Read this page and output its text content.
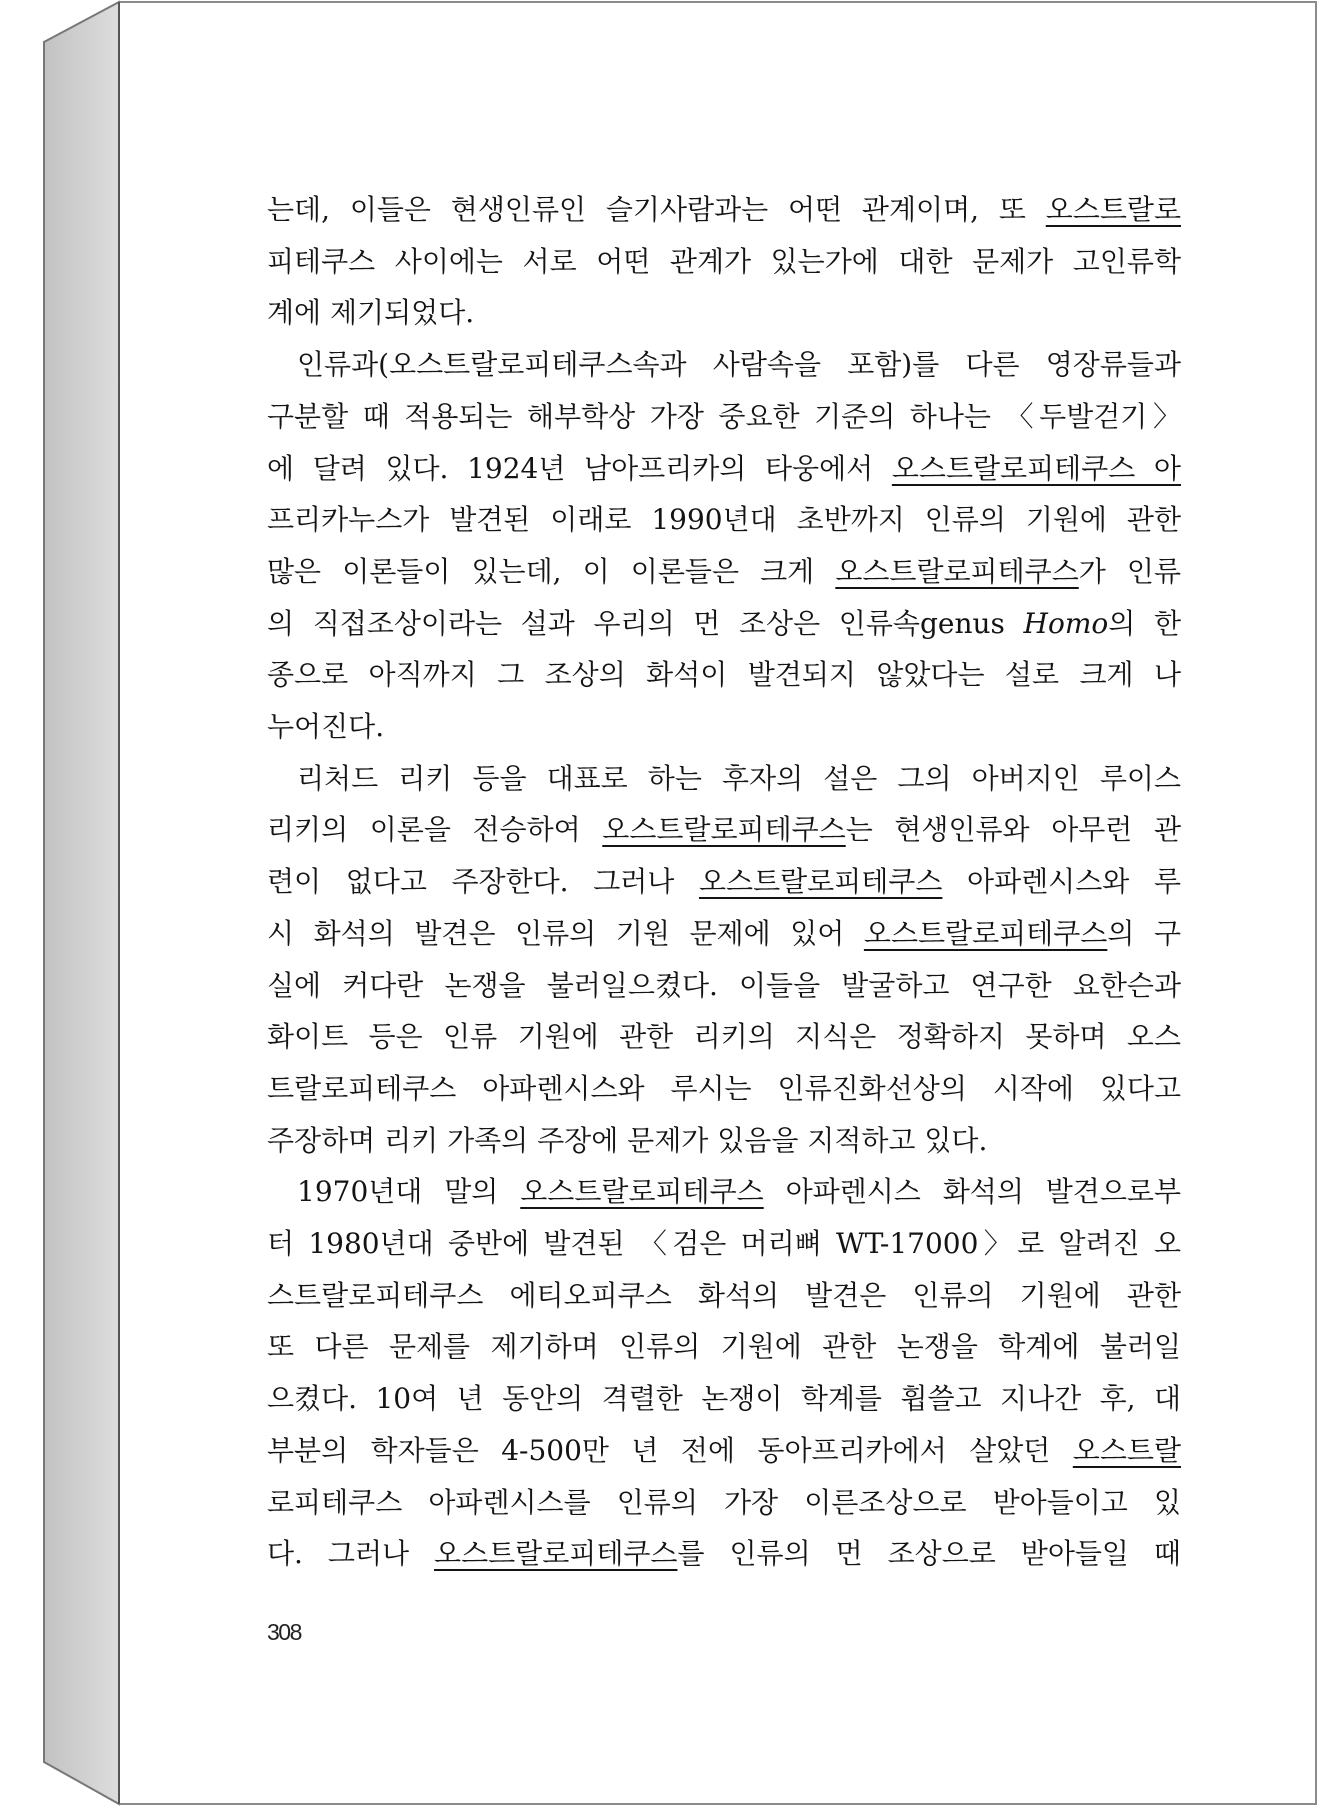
는데, 이들은 현생인류인 슬기사람과는 어떤 관계이며, 또 오스트랄로
피테쿠스 사이에는 서로 어떤 관계가 있는가에 대한 문제가 고인류학
계에 제기되었다.
인류과(오스트랄로피테쿠스속과 사람속을 포함)를 다른 영장류들과
구분할 때 적용되는 해부학상 가장 중요한 기준의 하나는 〈두발걷기〉
에 달려 있다. 1924년 남아프리카의 타웅에서 오스트랄로피테쿠스 아
프리카누스가 발견된 이래로 1990년대 초반까지 인류의 기원에 관한
많은 이론들이 있는데, 이 이론들은 크게 오스트랄로피테쿠스가 인류
의 직접조상이라는 설과 우리의 먼 조상은 인류속genus Homo의 한
종으로 아직까지 그 조상의 화석이 발견되지 않았다는 설로 크게 나
누어진다.
리처드 리키 등을 대표로 하는 후자의 설은 그의 아버지인 루이스
리키의 이론을 전승하여 오스트랄로피테쿠스는 현생인류와 아무런 관
련이 없다고 주장한다. 그러나 오스트랄로피테쿠스 아파렌시스와 루
시 화석의 발견은 인류의 기원 문제에 있어 오스트랄로피테쿠스의 구
실에 커다란 논쟁을 불러일으켰다. 이들을 발굴하고 연구한 요한슨과
화이트 등은 인류 기원에 관한 리키의 지식은 정확하지 못하며 오스
트랄로피테쿠스 아파렌시스와 루시는 인류진화선상의 시작에 있다고
주장하며 리키 가족의 주장에 문제가 있음을 지적하고 있다.
1970년대 말의 오스트랄로피테쿠스 아파렌시스 화석의 발견으로부
터 1980년대 중반에 발견된 〈검은 머리뼈 WT-17000〉로 알려진 오
스트랄로피테쿠스 에티오피쿠스 화석의 발견은 인류의 기원에 관한
또 다른 문제를 제기하며 인류의 기원에 관한 논쟁을 학계에 불러일
으켰다. 10여 년 동안의 격렬한 논쟁이 학계를 휩쓸고 지나간 후, 대
부분의 학자들은 4-500만 년 전에 동아프리카에서 살았던 오스트랄
로피테쿠스 아파렌시스를 인류의 가장 이른조상으로 받아들이고 있
다. 그러나 오스트랄로피테쿠스를 인류의 먼 조상으로 받아들일 때
308
